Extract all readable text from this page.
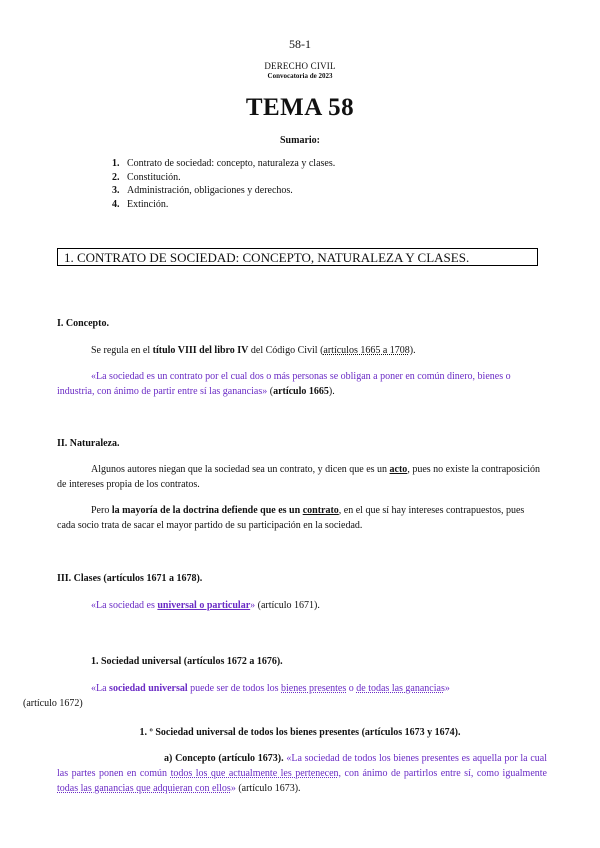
58-1
DERECHO CIVIL
Convocatoria de 2023
TEMA 58
Sumario:
1. Contrato de sociedad: concepto, naturaleza y clases.
2. Constitución.
3. Administración, obligaciones y derechos.
4. Extinción.
1. CONTRATO DE SOCIEDAD: CONCEPTO, NATURALEZA Y CLASES.
I. Concepto.
Se regula en el título VIII del libro IV del Código Civil (artículos 1665 a 1708).
«La sociedad es un contrato por el cual dos o más personas se obligan a poner en común dinero, bienes o industria, con ánimo de partir entre sí las ganancias» (artículo 1665).
II. Naturaleza.
Algunos autores niegan que la sociedad sea un contrato, y dicen que es un acto, pues no existe la contraposición de intereses propia de los contratos.
Pero la mayoría de la doctrina defiende que es un contrato, en el que sí hay intereses contrapuestos, pues cada socio trata de sacar el mayor partido de su participación en la sociedad.
III. Clases (artículos 1671 a 1678).
«La sociedad es universal o particular» (artículo 1671).
1. Sociedad universal (artículos 1672 a 1676).
«La sociedad universal puede ser de todos los bienes presentes o de todas las ganancias»
(artículo 1672)
1. º Sociedad universal de todos los bienes presentes (artículos 1673 y 1674).
a) Concepto (artículo 1673). «La sociedad de todos los bienes presentes es aquella por la cual las partes ponen en común todos los que actualmente les pertenecen, con ánimo de partirlos entre sí, como igualmente todas las ganancias que adquieran con ellos» (artículo 1673).
